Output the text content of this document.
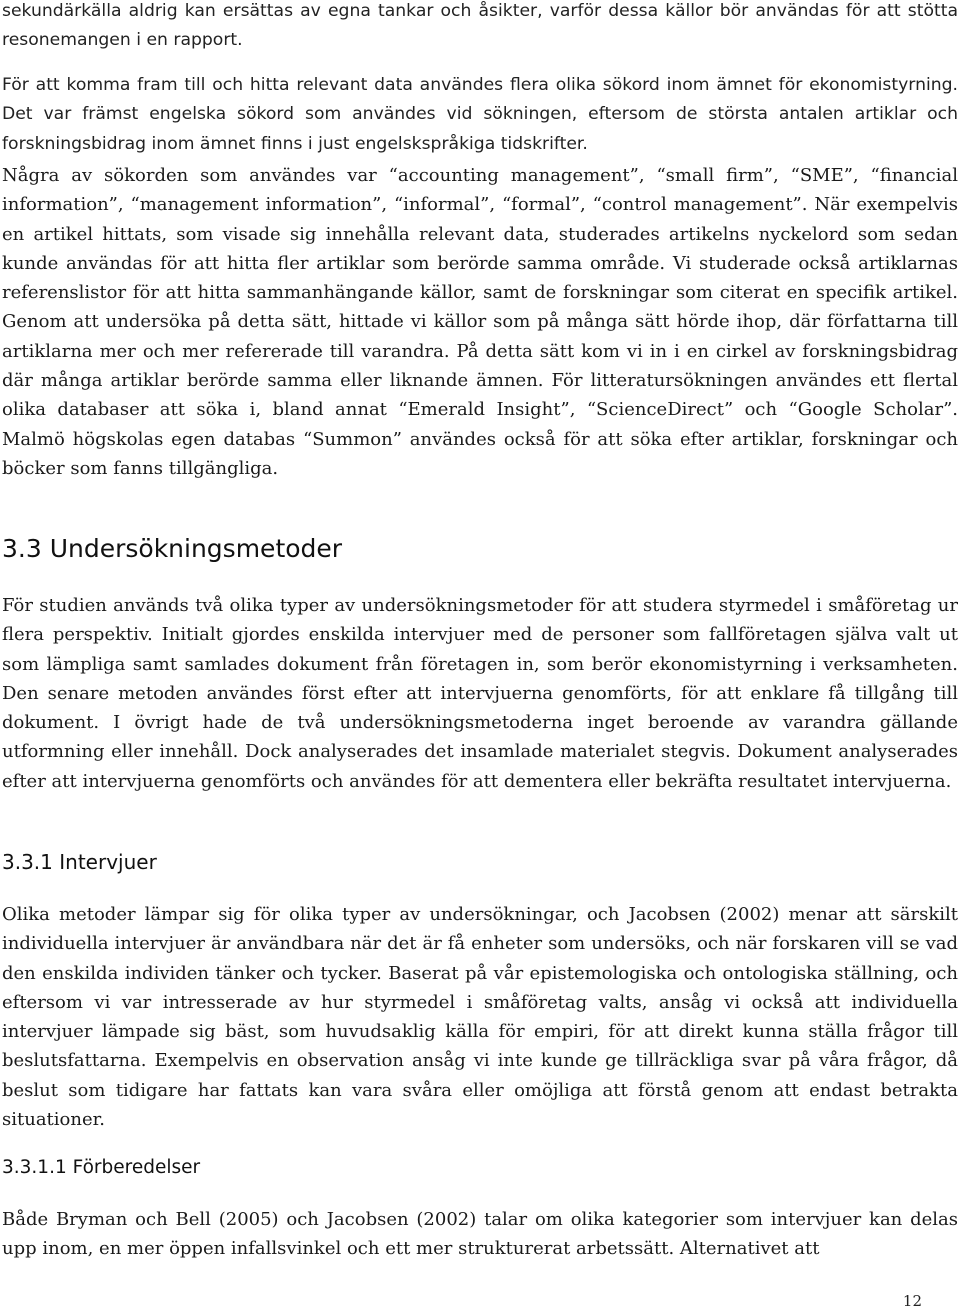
sekundärkälla aldrig kan ersättas av egna tankar och åsikter, varför dessa källor bör användas för att stötta resonemangen i en rapport.

För att komma fram till och hitta relevant data användes flera olika sökord inom ämnet för ekonomistyrning. Det var främst engelska sökord som användes vid sökningen, eftersom de största antalen artiklar och forskningsbidrag inom ämnet finns i just engelskspråkiga tidskrifter.

Några av sökorden som användes var “accounting management”, “small firm”, “SME”, “financial information”, “management information”, “informal”, “formal”, “control management”. När exempelvis en artikel hittats, som visade sig innehålla relevant data, studerades artikelns nyckelord som sedan kunde användas för att hitta fler artiklar som berörde samma område. Vi studerade också artiklarnas referenslistor för att hitta sammanhängande källor, samt de forskningar som citerat en specifik artikel. Genom att undersöka på detta sätt, hittade vi källor som på många sätt hörde ihop, där författarna till artiklarna mer och mer refererade till varandra. På detta sätt kom vi in i en cirkel av forskningsbidrag där många artiklar berörde samma eller liknande ämnen. För litteratursökningen användes ett flertal olika databaser att söka i, bland annat “Emerald Insight”, “ScienceDirect” och “Google Scholar”. Malmö högskolas egen databas “Summon” användes också för att söka efter artiklar, forskningar och böcker som fanns tillgängliga.

3.3 Undersökningsmetoder

För studien används två olika typer av undersökningsmetoder för att studera styrmedel i småföretag ur flera perspektiv. Initialt gjordes enskilda intervjuer med de personer som fallföretagen själva valt ut som lämpliga samt samlades dokument från företagen in, som berör ekonomistyrning i verksamheten. Den senare metoden användes först efter att intervjuerna genomförts, för att enklare få tillgång till dokument. I övrigt hade de två undersökningsmetoderna inget beroende av varandra gällande utformning eller innehåll. Dock analyserades det insamlade materialet stegvis. Dokument analyserades efter att intervjuerna genomförts och användes för att dementera eller bekräfta resultatet intervjuerna.

3.3.1 Intervjuer

Olika metoder lämpar sig för olika typer av undersökningar, och Jacobsen (2002) menar att särskilt individuella intervjuer är användbara när det är få enheter som undersöks, och när forskaren vill se vad den enskilda individen tänker och tycker. Baserat på vår epistemologiska och ontologiska ställning, och eftersom vi var intresserade av hur styrmedel i småföretag valts, ansåg vi också att individuella intervjuer lämpade sig bäst, som huvudsaklig källa för empiri, för att direkt kunna ställa frågor till beslutsfattarna. Exempelvis en observation ansåg vi inte kunde ge tillräckliga svar på våra frågor, då beslut som tidigare har fattats kan vara svåra eller omöjliga att förstå genom att endast betrakta situationer.

3.3.1.1 Förberedelser

Både Bryman och Bell (2005) och Jacobsen (2002) talar om olika kategorier som intervjuer kan delas upp inom, en mer öppen infallsvinkel och ett mer strukturerat arbetssätt. Alternativet att

12
